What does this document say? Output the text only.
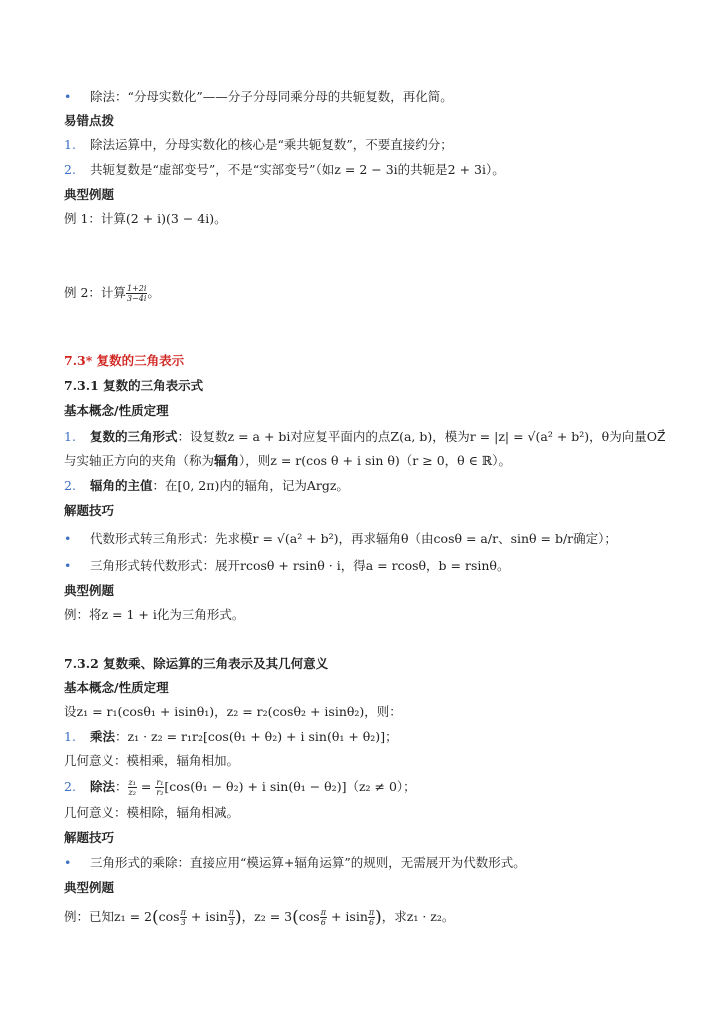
• 除法：“分母实数化”——分子分母同乘分母的共轭复数，再化简。
易错点拨
1. 除法运算中，分母实数化的核心是“乘共轭复数”，不要直接约分；
2. 共轭复数是“虚部变号”，不是“实部变号”（如z = 2 − 3i的共轭是2 + 3i）。
典型例题
例 1：计算(2 + i)(3 − 4i)。
例 2：计算 $\frac{1+2i}{3-4i}$ 。
7.3* 复数的三角表示
7.3.1 复数的三角表示式
基本概念/性质定理
1. 复数的三角形式：设复数z = a + bi对应复平面内的点Z(a, b)，模为r = |z| = √(a² + b²)，θ为向量OZ⃗
与实轴正方向的夹角（称为辐角），则z = r(cos θ + i sin θ)（r ≥ 0，θ ∈ ℝ）。
2. 辐角的主值：在[0, 2π)内的辐角，记为Argz。
解题技巧
• 代数形式转三角形式：先求模r = √(a² + b²)，再求辐角θ（由cosθ = a/r、sinθ = b/r确定）；
• 三角形式转代数形式：展开rcosθ + rsinθ · i，得a = rcosθ，b = rsinθ。
典型例题
例：将z = 1 + i化为三角形式。
7.3.2 复数乘、除运算的三角表示及其几何意义
基本概念/性质定理
设z₁ = r₁(cosθ₁ + isinθ₁)，z₂ = r₂(cosθ₂ + isinθ₂)，则：
1. 乘法：z₁ · z₂ = r₁r₂[cos(θ₁ + θ₂) + i sin(θ₁ + θ₂)]；
几何意义：模相乘，辐角相加。
2. 除法： $\frac{\text{z₁}}{\text{z₂}} = \frac{\text{r₁}}{\text{r₂}} [\cos(\theta_1 - \theta_2) + i$ sin(θ₁ − θ₂)]（z₂ ≠ 0）；
几何意义：模相除，辐角相减。
解题技巧
• 三角形式的乘除：直接应用“模运算+辐角运算”的规则，无需展开为代数形式。
典型例题
例：已知$z_1 = 2(\cos \frac{\pi}{3} + isin \frac{\pi}{3}$ )，$z_2 = 3(\cos \frac{\pi}{6} + isin \frac{\pi}{6}$ )，求z₁ · z₂。
